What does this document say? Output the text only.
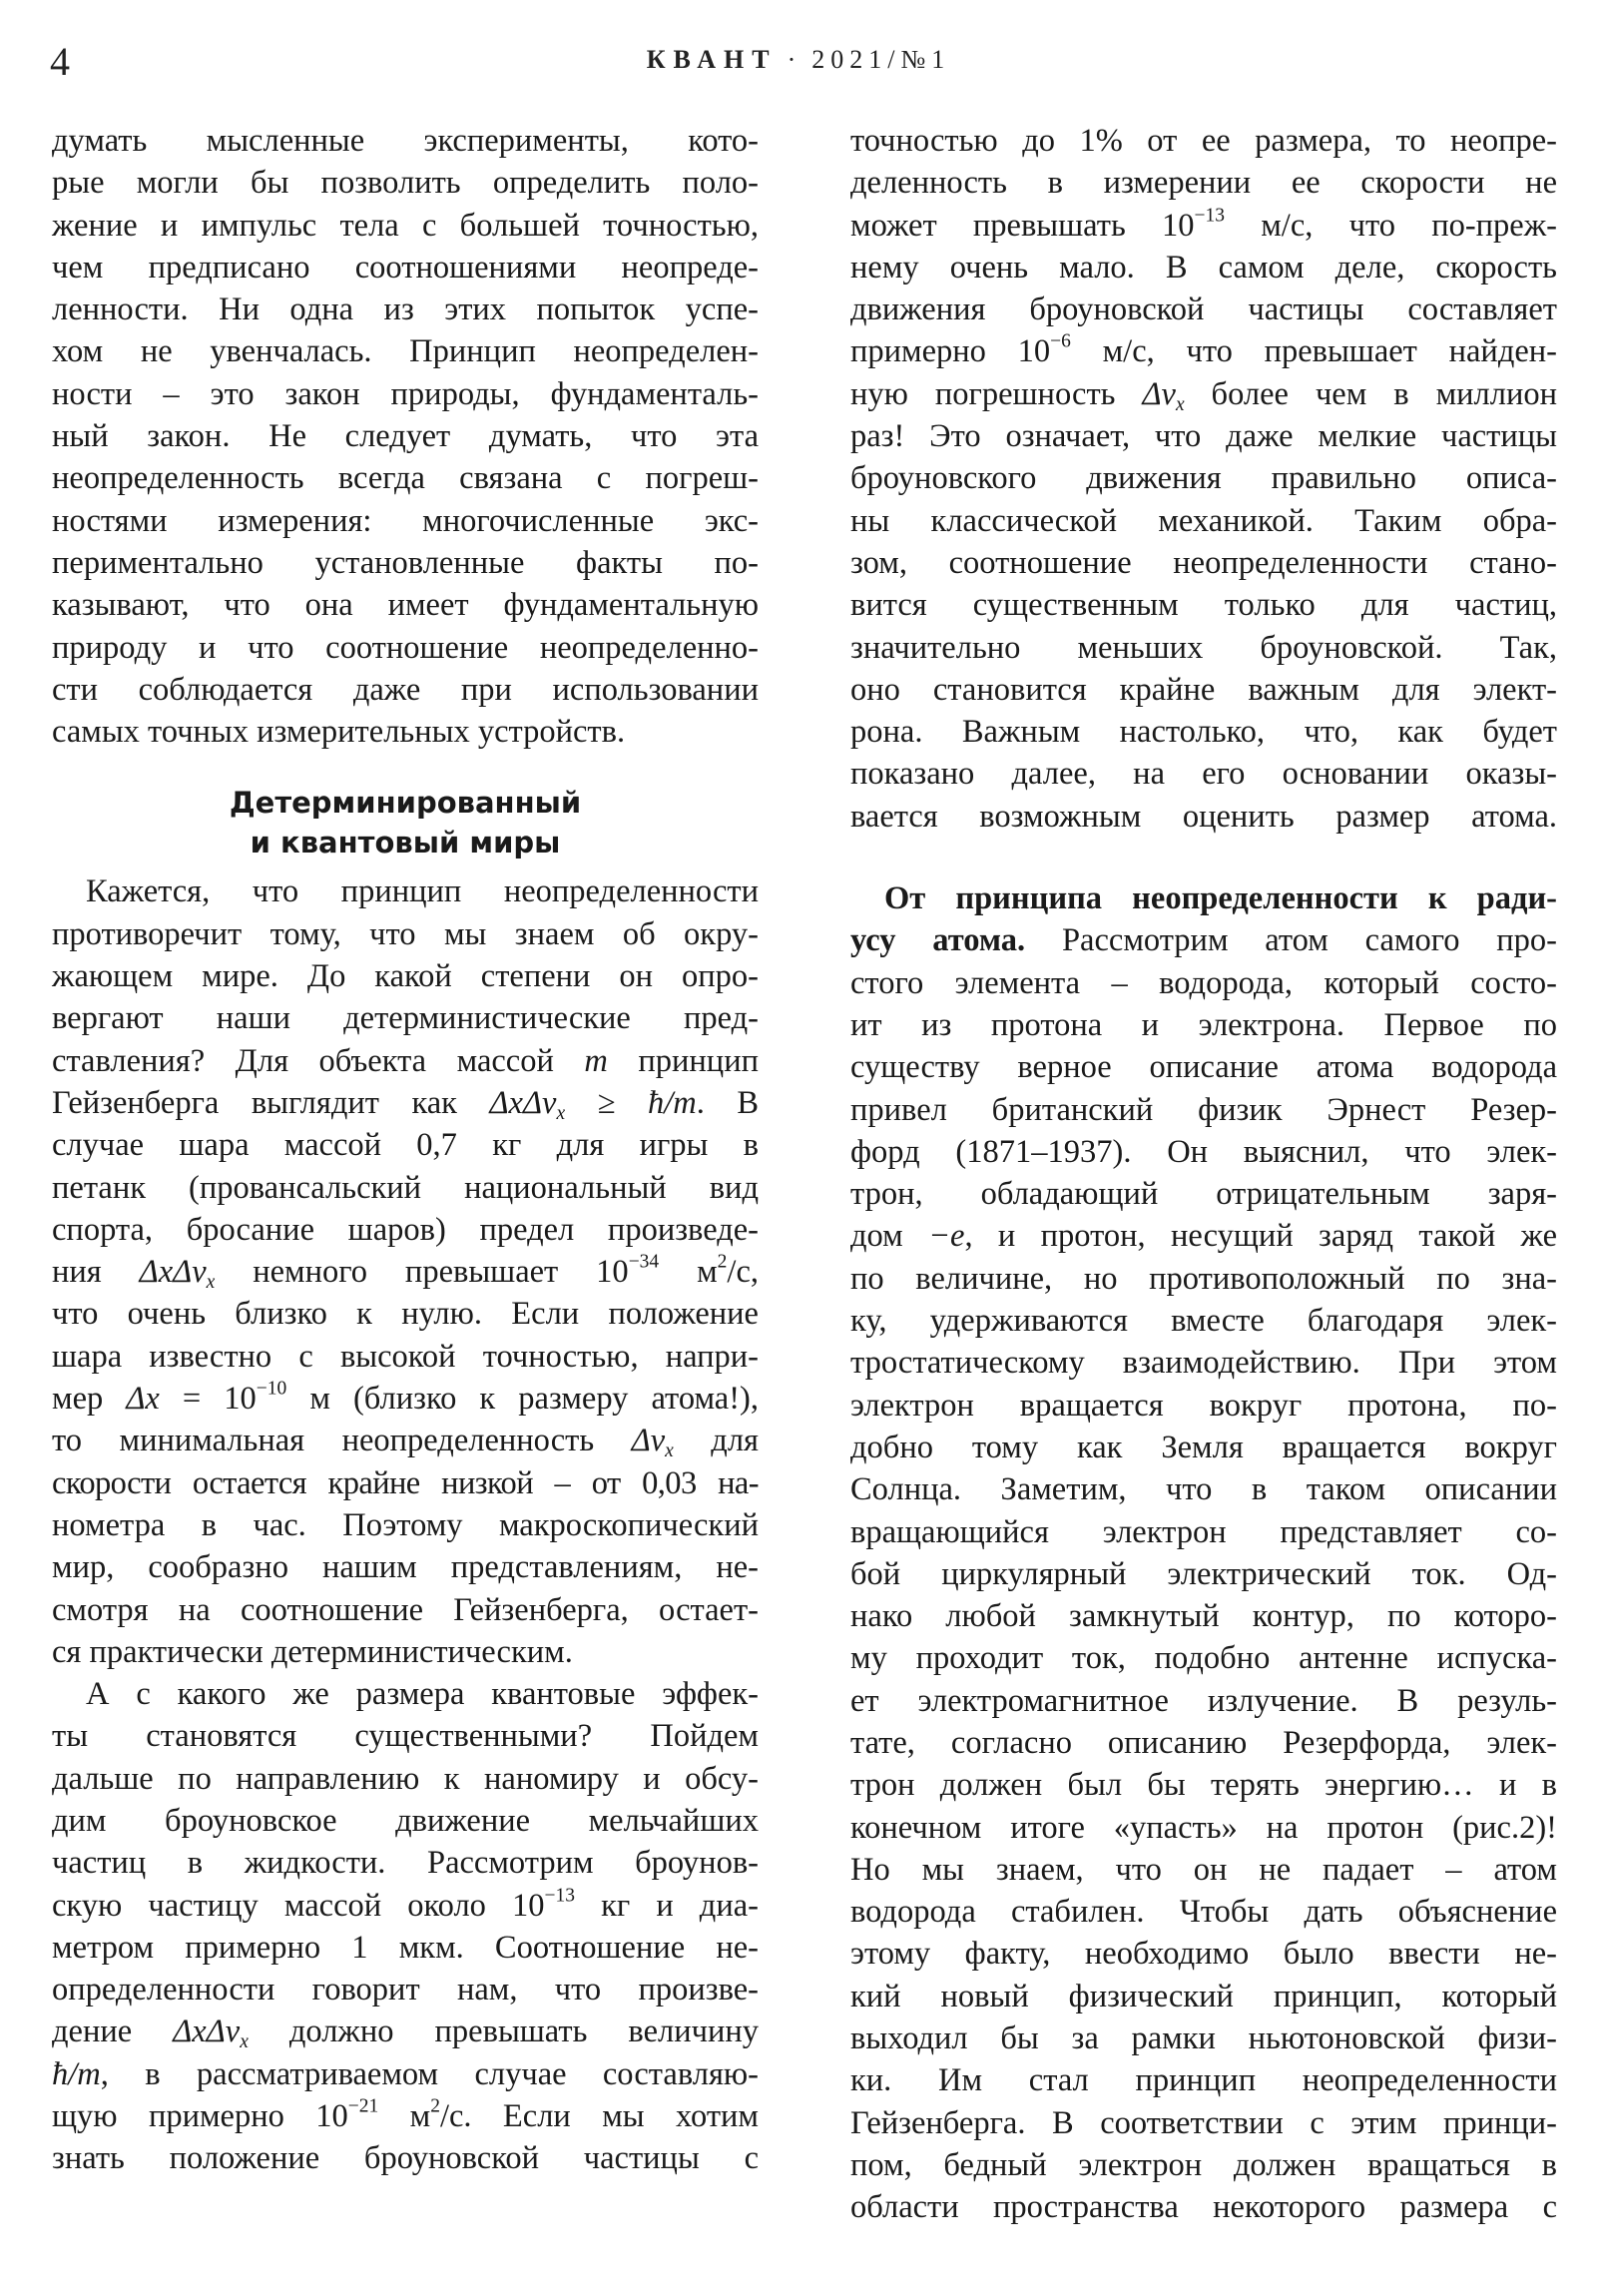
4	КВАНТ · 2021/№1
думать мысленные эксперименты, кото-
рые могли бы позволить определить поло-
жение и импульс тела с большей точностью,
чем предписано соотношениями неопреде-
ленности. Ни одна из этих попыток успе-
хом не увенчалась. Принцип неопределен-
ности – это закон природы, фундаменталь-
ный закон. Не следует думать, что эта
неопределенность всегда связана с погреш-
ностями измерения: многочисленные экс-
периментально установленные факты по-
казывают, что она имеет фундаментальную
природу и что соотношение неопределенно-
сти соблюдается даже при использовании
самых точных измерительных устройств.
Детерминированный
и квантовый миры
Кажется, что принцип неопределенности
противоречит тому, что мы знаем об окру-
жающем мире. До какой степени он опро-
вергают наши детерминистические пред-
ставления? Для объекта массой m принцип
Гейзенберга выглядит как ΔxΔv$_x$ ≥ ħ/m. В
случае шара массой 0,7 кг для игры в
петанк (провансальский национальный вид
спорта, бросание шаров) предел произведе-
ния ΔxΔv$_x$ немного превышает $10^{-34}$ $м^2/с$,
что очень близко к нулю. Если положение
шара известно с высокой точностью, напри-
мер $\Delta x = 10^{-10}$ м (близко к размеру атома!),
то минимальная неопределенность $\Delta v_x$ для
скорости остается крайне низкой – от 0,03 на-
нометра в час. Поэтому макроскопический
мир, сообразно нашим представлениям, не-
смотря на соотношение Гейзенберга, остает-
ся практически детерминистическим.
А с какого же размера квантовые эффек-
ты становятся существенными? Пойдем
дальше по направлению к наномиру и обсу-
дим броуновское движение мельчайших
частиц в жидкости. Рассмотрим броунов-
скую частицу массой около $10^{-13}$ кг и диа-
метром примерно 1 мкм. Соотношение не-
определенности говорит нам, что произве-
дение ΔxΔv$_x$ должно превышать величину
ħ/m, в рассматриваемом случае составляю-
щую примерно $10^{-21}$ $м^2/с$. Если мы хотим
знать положение броуновской частицы с
точностью до 1% от ее размера, то неопре-
деленность в измерении ее скорости не
может превышать $10^{-13}$ м/с, что по-преж-
нему очень мало. В самом деле, скорость
движения броуновской частицы составляет
примерно $10^{-6}$ м/с, что превышает найден-
ную погрешность $\Delta v_x$ более чем в миллион
раз! Это означает, что даже мелкие частицы
броуновского движения правильно описа-
ны классической механикой. Таким обра-
зом, соотношение неопределенности стано-
вится существенным только для частиц,
значительно меньших броуновской. Так,
оно становится крайне важным для элект-
рона. Важным настолько, что, как будет
показано далее, на его основании оказы-
вается возможным оценить размер атома.
От принципа неопределенности к ради-
усу атома. Рассмотрим атом самого про-
стого элемента – водорода, который состо-
ит из протона и электрона. Первое по
существу верное описание атома водорода
привел британский физик Эрнест Резер-
форд (1871–1937). Он выяснил, что элек-
трон, обладающий отрицательным заря-
дом −e, и протон, несущий заряд такой же
по величине, но противоположный по зна-
ку, удерживаются вместе благодаря элек-
тростатическому взаимодействию. При этом
электрон вращается вокруг протона, по-
добно тому как Земля вращается вокруг
Солнца. Заметим, что в таком описании
вращающийся электрон представляет со-
бой циркулярный электрический ток. Од-
нако любой замкнутый контур, по которо-
му проходит ток, подобно антенне испуска-
ет электромагнитное излучение. В резуль-
тате, согласно описанию Резерфорда, элек-
трон должен был бы терять энергию… и в
конечном итоге «упасть» на протон (рис.2)!
Но мы знаем, что он не падает – атом
водорода стабилен. Чтобы дать объяснение
этому факту, необходимо было ввести не-
кий новый физический принцип, который
выходил бы за рамки ньютоновской физи-
ки. Им стал принцип неопределенности
Гейзенберга. В соответствии с этим принци-
пом, бедный электрон должен вращаться в
области пространства некоторого размера с
